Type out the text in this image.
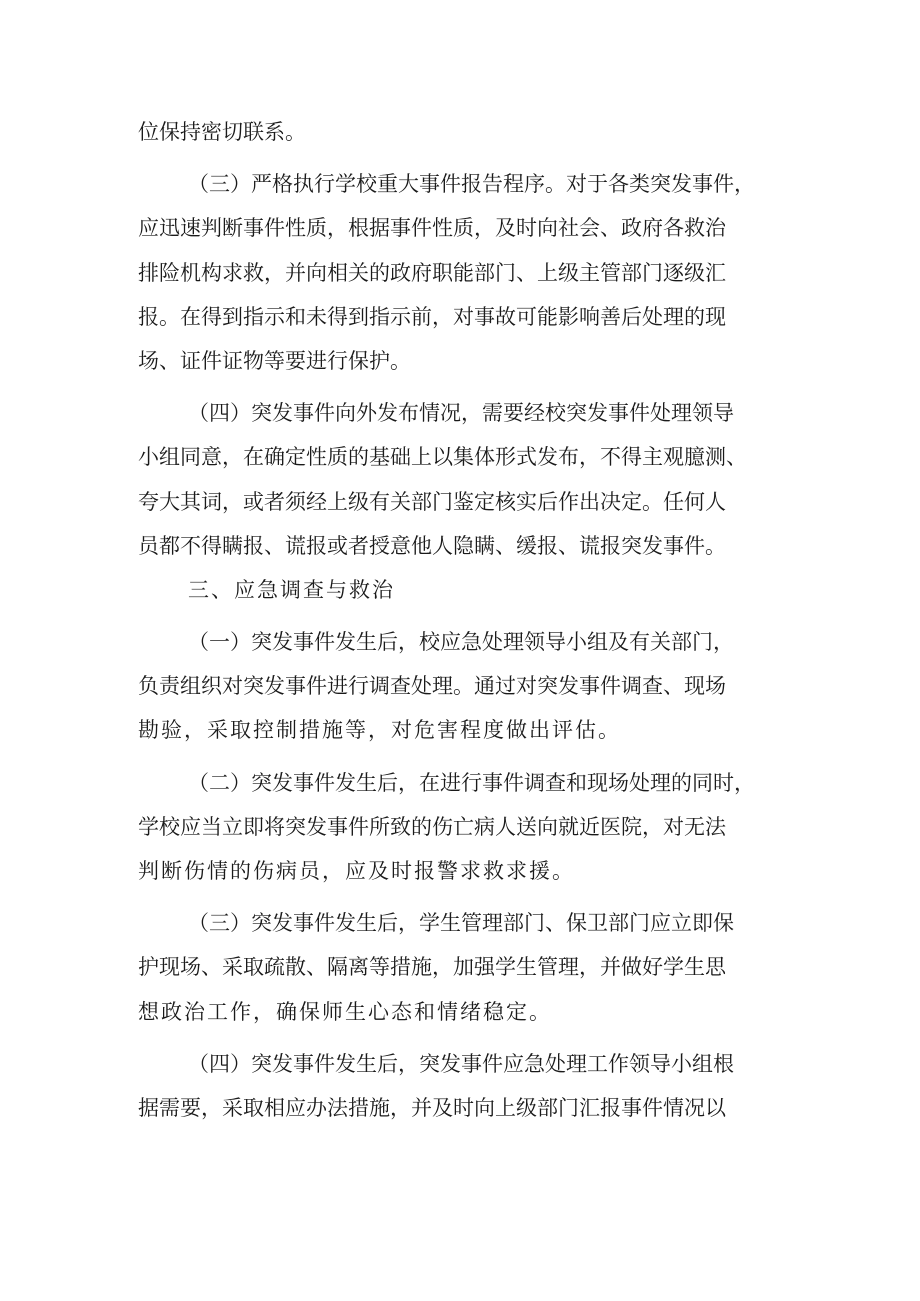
位保持密切联系。
（三）严格执行学校重大事件报告程序。对于各类突发事件，
应迅速判断事件性质，根据事件性质，及时向社会、政府各救治
排险机构求救，并向相关的政府职能部门、上级主管部门逐级汇
报。在得到指示和未得到指示前，对事故可能影响善后处理的现
场、证件证物等要进行保护。
（四）突发事件向外发布情况，需要经校突发事件处理领导
小组同意，在确定性质的基础上以集体形式发布，不得主观臆测、
夸大其词，或者须经上级有关部门鉴定核实后作出决定。任何人
员都不得瞒报、谎报或者授意他人隐瞒、缓报、谎报突发事件。
三、应急调查与救治
（一）突发事件发生后，校应急处理领导小组及有关部门，
负责组织对突发事件进行调查处理。通过对突发事件调查、现场
勘验，采取控制措施等，对危害程度做出评估。
（二）突发事件发生后，在进行事件调查和现场处理的同时，
学校应当立即将突发事件所致的伤亡病人送向就近医院，对无法
判断伤情的伤病员，应及时报警求救求援。
（三）突发事件发生后，学生管理部门、保卫部门应立即保
护现场、采取疏散、隔离等措施，加强学生管理，并做好学生思
想政治工作，确保师生心态和情绪稳定。
（四）突发事件发生后，突发事件应急处理工作领导小组根
据需要，采取相应办法措施，并及时向上级部门汇报事件情况以
